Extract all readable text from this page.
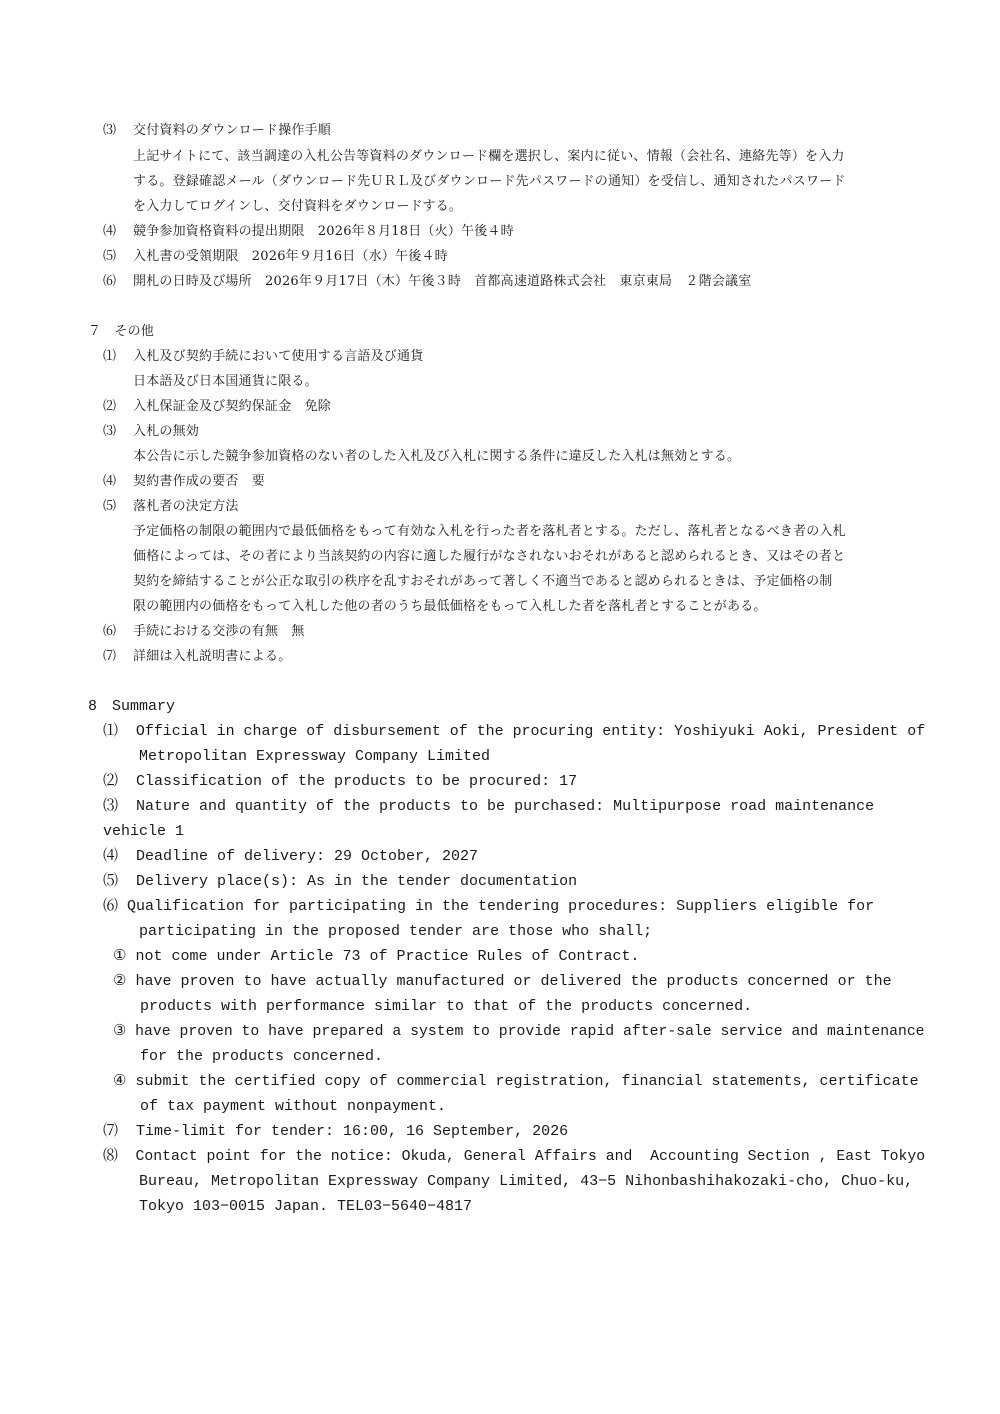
⑶ 交付資料のダウンロード操作手順
上記サイトにて、該当調達の入札公告等資料のダウンロード欄を選択し、案内に従い、情報（会社名、連絡先等）を入力
する。登録確認メール（ダウンロード先ＵＲＬ及びダウンロード先パスワードの通知）を受信し、通知されたパスワード
を入力してログインし、交付資料をダウンロードする。
⑷ 競争参加資格資料の提出期限　2026年８月18日（火）午後４時
⑸ 入札書の受領期限　2026年９月16日（水）午後４時
⑹ 開札の日時及び場所　2026年９月17日（木）午後３時　首都高速道路株式会社　東京東局　２階会議室
７　その他
⑴ 入札及び契約手続において使用する言語及び通貨
日本語及び日本国通貨に限る。
⑵ 入札保証金及び契約保証金　免除
⑶ 入札の無効
本公告に示した競争参加資格のない者のした入札及び入札に関する条件に違反した入札は無効とする。
⑷ 契約書作成の要否　要
⑸ 落札者の決定方法
予定価格の制限の範囲内で最低価格をもって有効な入札を行った者を落札者とする。ただし、落札者となるべき者の入札
価格によっては、その者により当該契約の内容に適した履行がなされないおそれがあると認められるとき、又はその者と
契約を締結することが公正な取引の秩序を乱すおそれがあって著しく不適当であると認められるときは、予定価格の制
限の範囲内の価格をもって入札した他の者のうち最低価格をもって入札した者を落札者とすることがある。
⑹ 手続における交渉の有無　無
⑺ 詳細は入札説明書による。
8　Summary
⑴  Official in charge of disbursement of the procuring entity: Yoshiyuki Aoki, President of
Metropolitan Expressway Company Limited
⑵  Classification of the products to be procured: 17
⑶  Nature and quantity of the products to be purchased: Multipurpose road maintenance
vehicle 1
⑷  Deadline of delivery: 29 October, 2027
⑸  Delivery place(s): As in the tender documentation
⑹ Qualification for participating in the tendering procedures: Suppliers eligible for
participating in the proposed tender are those who shall;
① not come under Article 73 of Practice Rules of Contract.
② have proven to have actually manufactured or delivered the products concerned or the
products with performance similar to that of the products concerned.
③ have proven to have prepared a system to provide rapid after-sale service and maintenance
for the products concerned.
④ submit the certified copy of commercial registration, financial statements, certificate
of tax payment without nonpayment.
⑺  Time-limit for tender: 16:00, 16 September, 2026
⑻  Contact point for the notice: Okuda, General Affairs and  Accounting Section , East Tokyo
Bureau, Metropolitan Expressway Company Limited, 43−5 Nihonbashihakozaki-cho, Chuo-ku,
Tokyo 103−0015 Japan. TEL03−5640−4817
